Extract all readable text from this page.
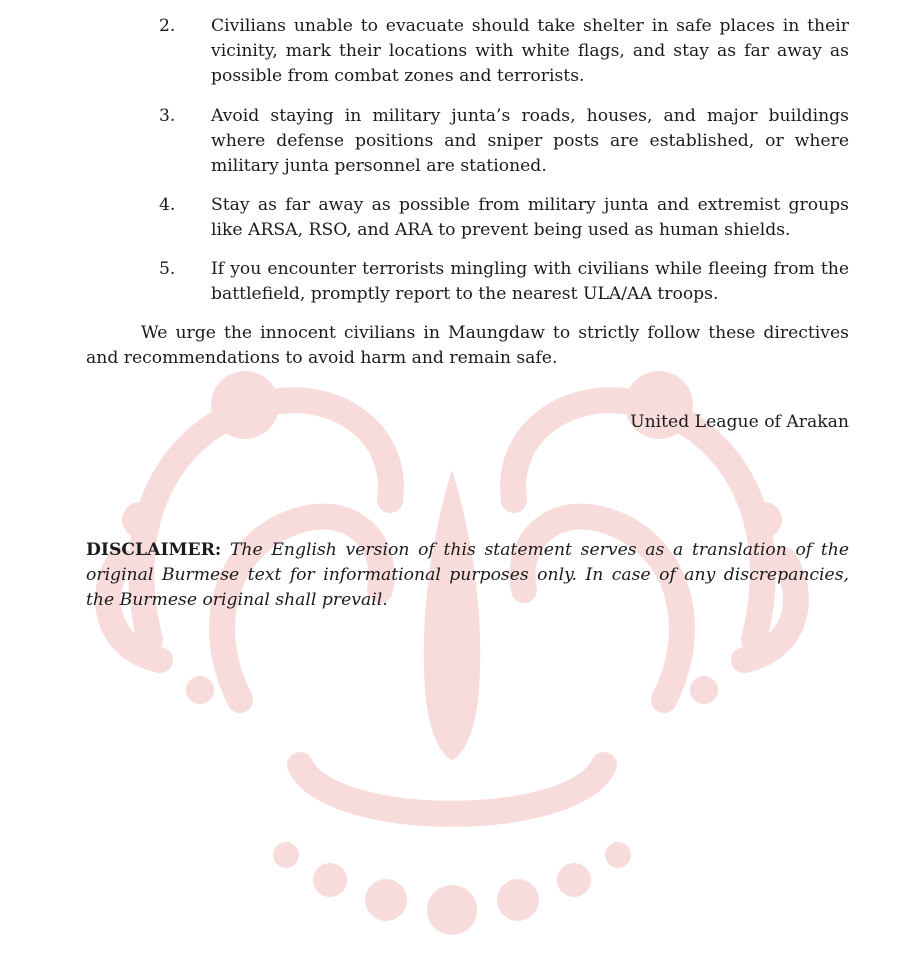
2. Civilians unable to evacuate should take shelter in safe places in their vicinity, mark their locations with white flags, and stay as far away as possible from combat zones and terrorists.
3. Avoid staying in military junta’s roads, houses, and major buildings where defense positions and sniper posts are established, or where military junta personnel are stationed.
4. Stay as far away as possible from military junta and extremist groups like ARSA, RSO, and ARA to prevent being used as human shields.
5. If you encounter terrorists mingling with civilians while fleeing from the battlefield, promptly report to the nearest ULA/AA troops.
We urge the innocent civilians in Maungdaw to strictly follow these directives and recommendations to avoid harm and remain safe.
United League of Arakan
DISCLAIMER: The English version of this statement serves as a translation of the original Burmese text for informational purposes only. In case of any discrepancies, the Burmese original shall prevail.
